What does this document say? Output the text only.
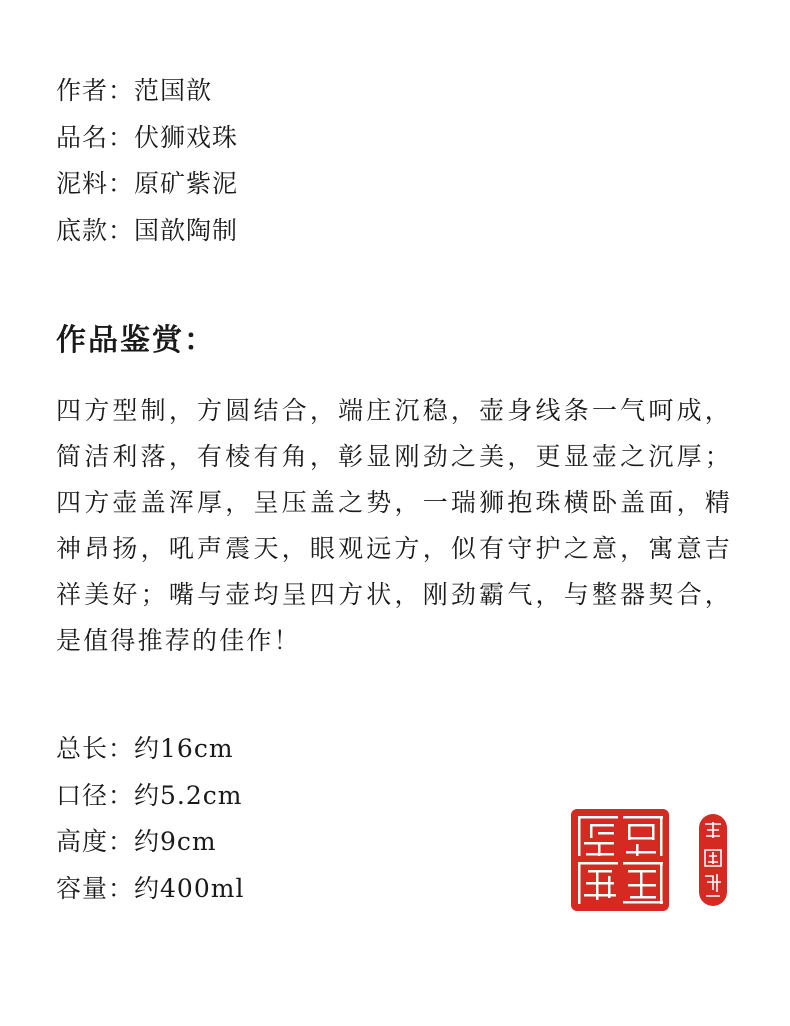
作者：范国歆
品名：伏狮戏珠
泥料：原矿紫泥
底款：国歆陶制
作品鉴赏：

四方型制，方圆结合，端庄沉稳，壶身线条一气呵成，简洁利落，有棱有角，彰显刚劲之美，更显壶之沉厚；四方壶盖浑厚，呈压盖之势，一瑞狮抱珠横卧盖面，精神昂扬，吼声震天，眼观远方，似有守护之意，寓意吉祥美好；嘴与壶均呈四方状，刚劲霸气，与整器契合，是值得推荐的佳作！

总长：约16cm
口径：约5.2cm
高度：约9cm
容量：约400ml
